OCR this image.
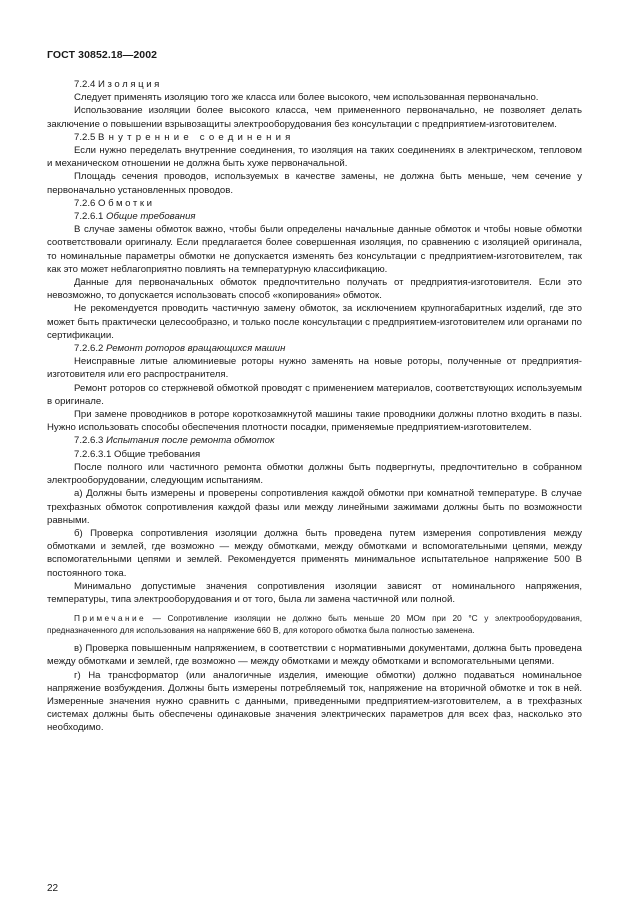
ГОСТ 30852.18—2002

7.2.4 Изоляция

Следует применять изоляцию того же класса или более высокого, чем использованная первоначально.

Использование изоляции более высокого класса, чем примененного первоначально, не позволяет делать заключение о повышении взрывозащиты электрооборудования без консультации с предприятием-изготовителем.

7.2.5 Внутренние соединения

Если нужно переделать внутренние соединения, то изоляция на таких соединениях в электрическом, тепловом и механическом отношении не должна быть хуже первоначальной.

Площадь сечения проводов, используемых в качестве замены, не должна быть меньше, чем сечение у первоначально установленных проводов.

7.2.6 Обмотки

7.2.6.1 Общие требования

В случае замены обмоток важно, чтобы были определены начальные данные обмоток и чтобы новые обмотки соответствовали оригиналу. Если предлагается более совершенная изоляция, по сравнению с изоляцией оригинала, то номинальные параметры обмотки не допускается изменять без консультации с предприятием-изготовителем, так как это может неблагоприятно повлиять на температурную классификацию.

Данные для первоначальных обмоток предпочтительно получать от предприятия-изготовителя. Если это невозможно, то допускается использовать способ «копирования» обмоток.

Не рекомендуется проводить частичную замену обмоток, за исключением крупногабаритных изделий, где это может быть практически целесообразно, и только после консультации с предприятием-изготовителем или органами по сертификации.

7.2.6.2 Ремонт роторов вращающихся машин

Неисправные литые алюминиевые роторы нужно заменять на новые роторы, полученные от предприятия-изготовителя или его распространителя.

Ремонт роторов со стержневой обмоткой проводят с применением материалов, соответствующих используемым в оригинале.

При замене проводников в роторе короткозамкнутой машины такие проводники должны плотно входить в пазы. Нужно использовать способы обеспечения плотности посадки, применяемые предприятием-изготовителем.

7.2.6.3 Испытания после ремонта обмоток

7.2.6.3.1 Общие требования

После полного или частичного ремонта обмотки должны быть подвергнуты, предпочтительно в собранном электрооборудовании, следующим испытаниям.

а) Должны быть измерены и проверены сопротивления каждой обмотки при комнатной температуре. В случае трехфазных обмоток сопротивления каждой фазы или между линейными зажимами должны быть по возможности равными.

б) Проверка сопротивления изоляции должна быть проведена путем измерения сопротивления между обмотками и землей, где возможно — между обмотками, между обмотками и вспомогательными цепями, между вспомогательными цепями и землей. Рекомендуется применять минимальное испытательное напряжение 500 В постоянного тока.

Минимально допустимые значения сопротивления изоляции зависят от номинального напряжения, температуры, типа электрооборудования и от того, была ли замена частичной или полной.

Примечание — Сопротивление изоляции не должно быть меньше 20 МОм при 20 °С у электрооборудования, предназначенного для использования на напряжение 660 В, для которого обмотка была полностью заменена.

в) Проверка повышенным напряжением, в соответствии с нормативными документами, должна быть проведена между обмотками и землей, где возможно — между обмотками и между обмотками и вспомогательными цепями.

г) На трансформатор (или аналогичные изделия, имеющие обмотки) должно подаваться номинальное напряжение возбуждения. Должны быть измерены потребляемый ток, напряжение на вторичной обмотке и ток в ней. Измеренные значения нужно сравнить с данными, приведенными предприятием-изготовителем, а в трехфазных системах должны быть обеспечены одинаковые значения электрических параметров для всех фаз, насколько это необходимо.

22
